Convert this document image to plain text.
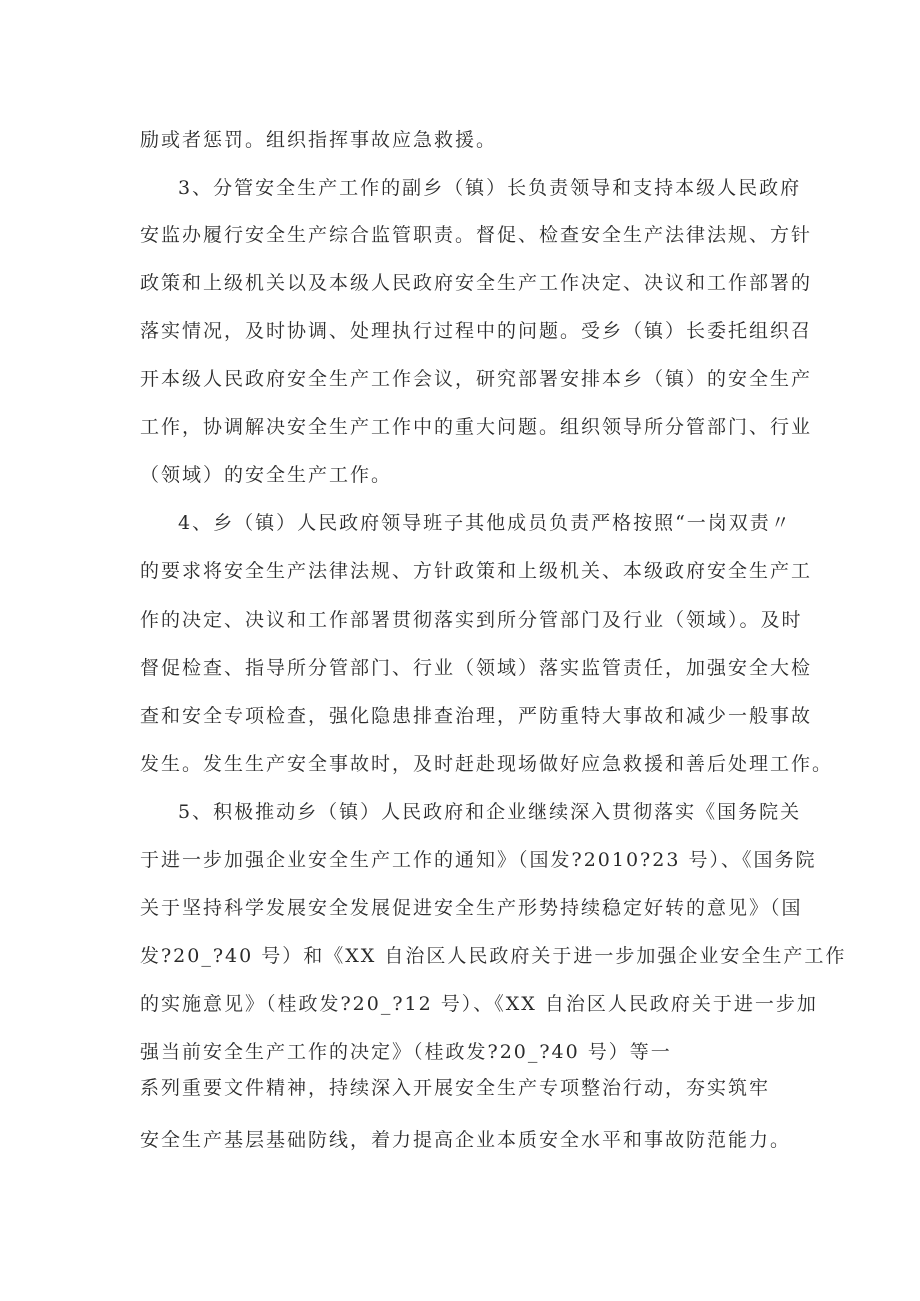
励或者惩罚。组织指挥事故应急救援。
3、分管安全生产工作的副乡（镇）长负责领导和支持本级人民政府
安监办履行安全生产综合监管职责。督促、检查安全生产法律法规、方针
政策和上级机关以及本级人民政府安全生产工作决定、决议和工作部署的
落实情况，及时协调、处理执行过程中的问题。受乡（镇）长委托组织召
开本级人民政府安全生产工作会议，研究部署安排本乡（镇）的安全生产
工作，协调解决安全生产工作中的重大问题。组织领导所分管部门、行业
（领域）的安全生产工作。
4、乡（镇）人民政府领导班子其他成员负责严格按照“一岗双责〃
的要求将安全生产法律法规、方针政策和上级机关、本级政府安全生产工
作的决定、决议和工作部署贯彻落实到所分管部门及行业（领域）。及时
督促检查、指导所分管部门、行业（领域）落实监管责任，加强安全大检
查和安全专项检查，强化隐患排查治理，严防重特大事故和减少一般事故
发生。发生生产安全事故时，及时赶赴现场做好应急救援和善后处理工作。
5、积极推动乡（镇）人民政府和企业继续深入贯彻落实《国务院关
于进一步加强企业安全生产工作的通知》（国发?2010?23 号）、《国务院
关于坚持科学发展安全发展促进安全生产形势持续稳定好转的意见》（国
发?20_?40 号）和《XX 自治区人民政府关于进一步加强企业安全生产工作
的实施意见》（桂政发?20_?12 号）、《XX 自治区人民政府关于进一步加
强当前安全生产工作的决定》（桂政发?20_?40 号）等一
系列重要文件精神，持续深入开展安全生产专项整治行动，夯实筑牢
安全生产基层基础防线，着力提高企业本质安全水平和事故防范能力。
